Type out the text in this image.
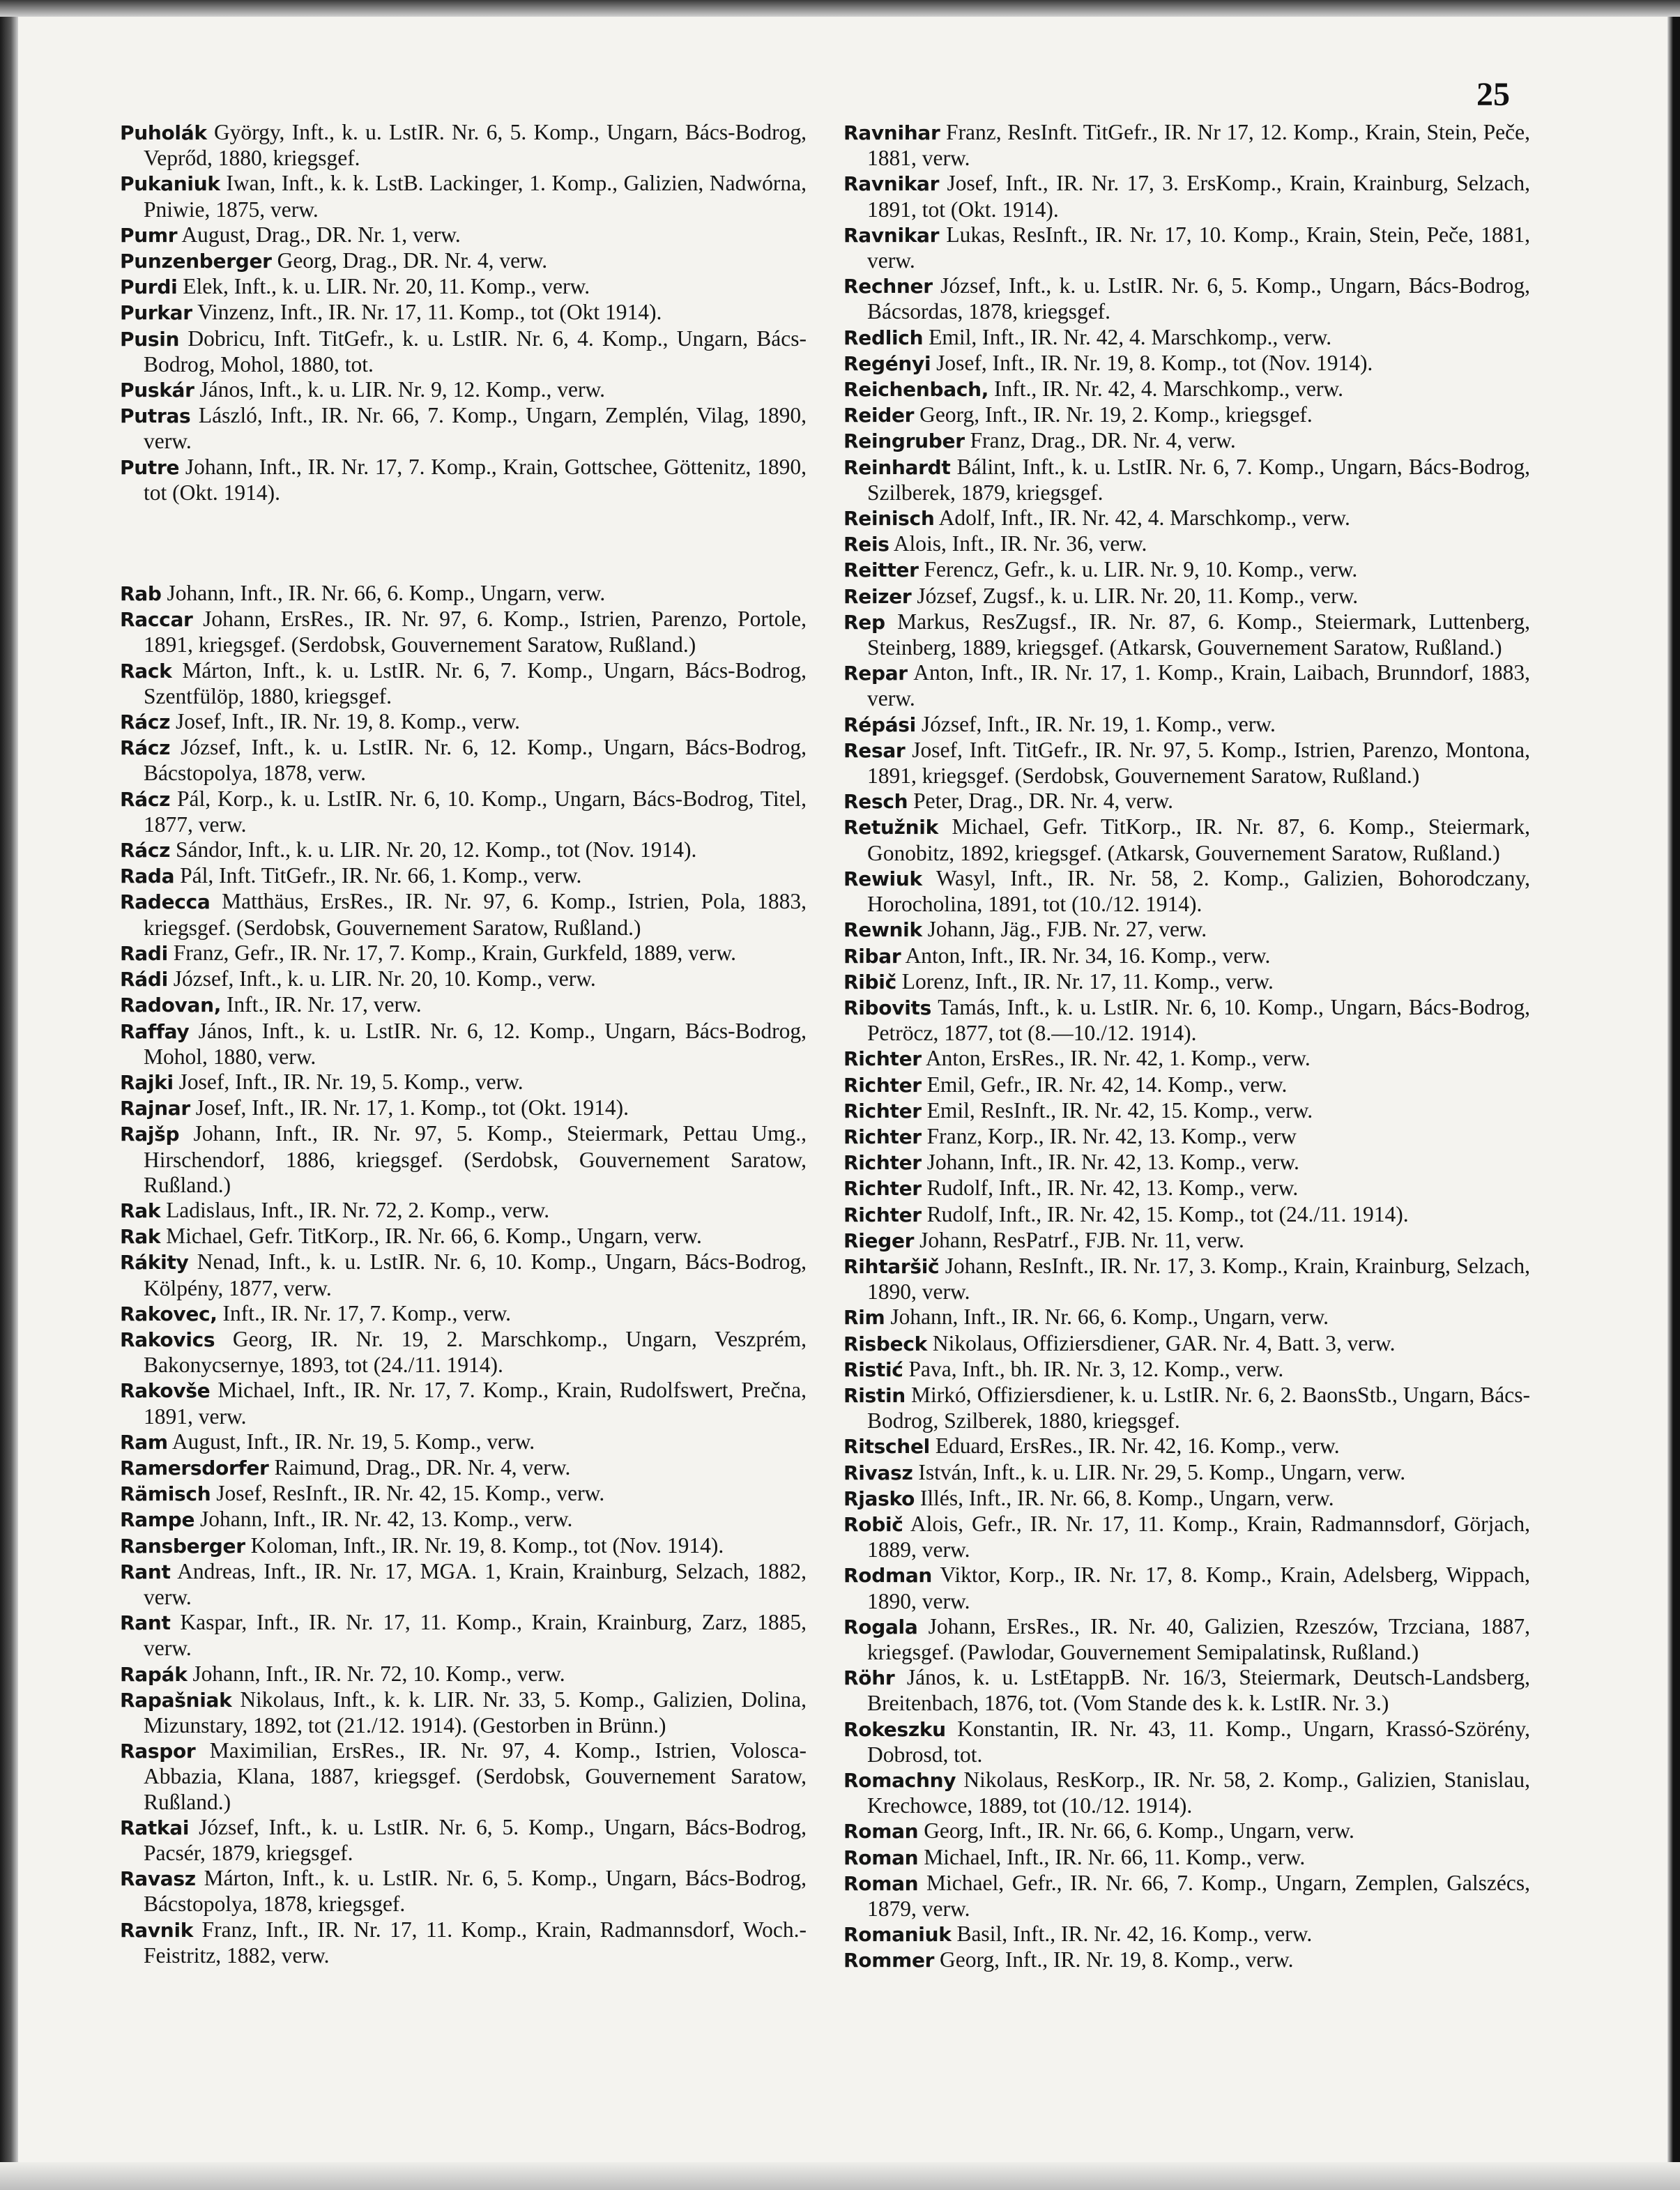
25

Puholák György, Inft., k. u. LstIR. Nr. 6, 5. Komp., Ungarn, Bács-Bodrog, Veprőd, 1880, kriegsgef.

Pukaniuk Iwan, Inft., k. k. LstB. Lackinger, 1. Komp., Galizien, Nadwórna, Pniwie, 1875, verw.

Pumr August, Drag., DR. Nr. 1, verw.

Punzenberger Georg, Drag., DR. Nr. 4, verw.

Purdi Elek, Inft., k. u. LIR. Nr. 20, 11. Komp., verw.

Purkar Vinzenz, Inft., IR. Nr. 17, 11. Komp., tot (Okt 1914).

Pusin Dobricu, Inft. TitGefr., k. u. LstIR. Nr. 6, 4. Komp., Ungarn, Bács-Bodrog, Mohol, 1880, tot.

Puskár János, Inft., k. u. LIR. Nr. 9, 12. Komp., verw.

Putras László, Inft., IR. Nr. 66, 7. Komp., Ungarn, Zemplén, Vilag, 1890, verw.

Putre Johann, Inft., IR. Nr. 17, 7. Komp., Krain, Gottschee, Göttenitz, 1890, tot (Okt. 1914).

Rab Johann, Inft., IR. Nr. 66, 6. Komp., Ungarn, verw.

Raccar Johann, ErsRes., IR. Nr. 97, 6. Komp., Istrien, Parenzo, Portole, 1891, kriegsgef. (Serdobsk, Gouvernement Saratow, Rußland.)

Rack Márton, Inft., k. u. LstIR. Nr. 6, 7. Komp., Ungarn, Bács-Bodrog, Szentfülöp, 1880, kriegsgef.

Rácz Josef, Inft., IR. Nr. 19, 8. Komp., verw.

Rácz József, Inft., k. u. LstIR. Nr. 6, 12. Komp., Ungarn, Bács-Bodrog, Bácstopolya, 1878, verw.

Rácz Pál, Korp., k. u. LstIR. Nr. 6, 10. Komp., Ungarn, Bács-Bodrog, Titel, 1877, verw.

Rácz Sándor, Inft., k. u. LIR. Nr. 20, 12. Komp., tot (Nov. 1914).

Rada Pál, Inft. TitGefr., IR. Nr. 66, 1. Komp., verw.

Radecca Matthäus, ErsRes., IR. Nr. 97, 6. Komp., Istrien, Pola, 1883, kriegsgef. (Serdobsk, Gouvernement Saratow, Rußland.)

Radi Franz, Gefr., IR. Nr. 17, 7. Komp., Krain, Gurkfeld, 1889, verw.

Rádi József, Inft., k. u. LIR. Nr. 20, 10. Komp., verw.

Radovan, Inft., IR. Nr. 17, verw.

Raffay János, Inft., k. u. LstIR. Nr. 6, 12. Komp., Ungarn, Bács-Bodrog, Mohol, 1880, verw.

Rajki Josef, Inft., IR. Nr. 19, 5. Komp., verw.

Rajnar Josef, Inft., IR. Nr. 17, 1. Komp., tot (Okt. 1914).

Rajšp Johann, Inft., IR. Nr. 97, 5. Komp., Steiermark, Pettau Umg., Hirschendorf, 1886, kriegsgef. (Serdobsk, Gouvernement Saratow, Rußland.)

Rak Ladislaus, Inft., IR. Nr. 72, 2. Komp., verw.

Rak Michael, Gefr. TitKorp., IR. Nr. 66, 6. Komp., Ungarn, verw.

Rákity Nenad, Inft., k. u. LstIR. Nr. 6, 10. Komp., Ungarn, Bács-Bodrog, Kölpény, 1877, verw.

Rakovec, Inft., IR. Nr. 17, 7. Komp., verw.

Rakovics Georg, IR. Nr. 19, 2. Marschkomp., Ungarn, Veszprém, Bakonycsernye, 1893, tot (24./11. 1914).

Rakovše Michael, Inft., IR. Nr. 17, 7. Komp., Krain, Rudolfswert, Prečna, 1891, verw.

Ram August, Inft., IR. Nr. 19, 5. Komp., verw.

Ramersdorfer Raimund, Drag., DR. Nr. 4, verw.

Rämisch Josef, ResInft., IR. Nr. 42, 15. Komp., verw.

Rampe Johann, Inft., IR. Nr. 42, 13. Komp., verw.

Ransberger Koloman, Inft., IR. Nr. 19, 8. Komp., tot (Nov. 1914).

Rant Andreas, Inft., IR. Nr. 17, MGA. 1, Krain, Krainburg, Selzach, 1882, verw.

Rant Kaspar, Inft., IR. Nr. 17, 11. Komp., Krain, Krainburg, Zarz, 1885, verw.

Rapák Johann, Inft., IR. Nr. 72, 10. Komp., verw.

Rapašniak Nikolaus, Inft., k. k. LIR. Nr. 33, 5. Komp., Galizien, Dolina, Mizunstary, 1892, tot (21./12. 1914). (Gestorben in Brünn.)

Raspor Maximilian, ErsRes., IR. Nr. 97, 4. Komp., Istrien, Volosca-Abbazia, Klana, 1887, kriegsgef. (Serdobsk, Gouvernement Saratow, Rußland.)

Ratkai József, Inft., k. u. LstIR. Nr. 6, 5. Komp., Ungarn, Bács-Bodrog, Pacsér, 1879, kriegsgef.

Ravasz Márton, Inft., k. u. LstIR. Nr. 6, 5. Komp., Ungarn, Bács-Bodrog, Bácstopolya, 1878, kriegsgef.

Ravnik Franz, Inft., IR. Nr. 17, 11. Komp., Krain, Radmannsdorf, Woch.-Feistritz, 1882, verw.

Ravnihar Franz, ResInft. TitGefr., IR. Nr 17, 12. Komp., Krain, Stein, Peče, 1881, verw.

Ravnikar Josef, Inft., IR. Nr. 17, 3. ErsKomp., Krain, Krainburg, Selzach, 1891, tot (Okt. 1914).

Ravnikar Lukas, ResInft., IR. Nr. 17, 10. Komp., Krain, Stein, Peče, 1881, verw.

Rechner József, Inft., k. u. LstIR. Nr. 6, 5. Komp., Ungarn, Bács-Bodrog, Bácsordas, 1878, kriegsgef.

Redlich Emil, Inft., IR. Nr. 42, 4. Marschkomp., verw.

Regényi Josef, Inft., IR. Nr. 19, 8. Komp., tot (Nov. 1914).

Reichenbach, Inft., IR. Nr. 42, 4. Marschkomp., verw.

Reider Georg, Inft., IR. Nr. 19, 2. Komp., kriegsgef.

Reingruber Franz, Drag., DR. Nr. 4, verw.

Reinhardt Bálint, Inft., k. u. LstIR. Nr. 6, 7. Komp., Ungarn, Bács-Bodrog, Szilberek, 1879, kriegsgef.

Reinisch Adolf, Inft., IR. Nr. 42, 4. Marschkomp., verw.

Reis Alois, Inft., IR. Nr. 36, verw.

Reitter Ferencz, Gefr., k. u. LIR. Nr. 9, 10. Komp., verw.

Reizer József, Zugsf., k. u. LIR. Nr. 20, 11. Komp., verw.

Rep Markus, ResZugsf., IR. Nr. 87, 6. Komp., Steiermark, Luttenberg, Steinberg, 1889, kriegsgef. (Atkarsk, Gouvernement Saratow, Rußland.)

Repar Anton, Inft., IR. Nr. 17, 1. Komp., Krain, Laibach, Brunndorf, 1883, verw.

Répási József, Inft., IR. Nr. 19, 1. Komp., verw.

Resar Josef, Inft. TitGefr., IR. Nr. 97, 5. Komp., Istrien, Parenzo, Montona, 1891, kriegsgef. (Serdobsk, Gouvernement Saratow, Rußland.)

Resch Peter, Drag., DR. Nr. 4, verw.

Retužnik Michael, Gefr. TitKorp., IR. Nr. 87, 6. Komp., Steiermark, Gonobitz, 1892, kriegsgef. (Atkarsk, Gouvernement Saratow, Rußland.)

Rewiuk Wasyl, Inft., IR. Nr. 58, 2. Komp., Galizien, Bohorodczany, Horocholina, 1891, tot (10./12. 1914).

Rewnik Johann, Jäg., FJB. Nr. 27, verw.

Ribar Anton, Inft., IR. Nr. 34, 16. Komp., verw.

Ribič Lorenz, Inft., IR. Nr. 17, 11. Komp., verw.

Ribovits Tamás, Inft., k. u. LstIR. Nr. 6, 10. Komp., Ungarn, Bács-Bodrog, Petröcz, 1877, tot (8.—10./12. 1914).

Richter Anton, ErsRes., IR. Nr. 42, 1. Komp., verw.

Richter Emil, Gefr., IR. Nr. 42, 14. Komp., verw.

Richter Emil, ResInft., IR. Nr. 42, 15. Komp., verw.

Richter Franz, Korp., IR. Nr. 42, 13. Komp., verw

Richter Johann, Inft., IR. Nr. 42, 13. Komp., verw.

Richter Rudolf, Inft., IR. Nr. 42, 13. Komp., verw.

Richter Rudolf, Inft., IR. Nr. 42, 15. Komp., tot (24./11. 1914).

Rieger Johann, ResPatrf., FJB. Nr. 11, verw.

Rihtaršič Johann, ResInft., IR. Nr. 17, 3. Komp., Krain, Krainburg, Selzach, 1890, verw.

Rim Johann, Inft., IR. Nr. 66, 6. Komp., Ungarn, verw.

Risbeck Nikolaus, Offiziersdiener, GAR. Nr. 4, Batt. 3, verw.

Ristić Pava, Inft., bh. IR. Nr. 3, 12. Komp., verw.

Ristin Mirkó, Offiziersdiener, k. u. LstIR. Nr. 6, 2. BaonsStb., Ungarn, Bács-Bodrog, Szilberek, 1880, kriegsgef.

Ritschel Eduard, ErsRes., IR. Nr. 42, 16. Komp., verw.

Rivasz István, Inft., k. u. LIR. Nr. 29, 5. Komp., Ungarn, verw.

Rjasko Illés, Inft., IR. Nr. 66, 8. Komp., Ungarn, verw.

Robič Alois, Gefr., IR. Nr. 17, 11. Komp., Krain, Radmannsdorf, Görjach, 1889, verw.

Rodman Viktor, Korp., IR. Nr. 17, 8. Komp., Krain, Adelsberg, Wippach, 1890, verw.

Rogala Johann, ErsRes., IR. Nr. 40, Galizien, Rzeszów, Trzciana, 1887, kriegsgef. (Pawlodar, Gouvernement Semipalatinsk, Rußland.)

Röhr János, k. u. LstEtappB. Nr. 16/3, Steiermark, Deutsch-Landsberg, Breitenbach, 1876, tot. (Vom Stande des k. k. LstIR. Nr. 3.)

Rokeszku Konstantin, IR. Nr. 43, 11. Komp., Ungarn, Krassó-Szörény, Dobrosd, tot.

Romachny Nikolaus, ResKorp., IR. Nr. 58, 2. Komp., Galizien, Stanislau, Krechowce, 1889, tot (10./12. 1914).

Roman Georg, Inft., IR. Nr. 66, 6. Komp., Ungarn, verw.

Roman Michael, Inft., IR. Nr. 66, 11. Komp., verw.

Roman Michael, Gefr., IR. Nr. 66, 7. Komp., Ungarn, Zemplen, Galszécs, 1879, verw.

Romaniuk Basil, Inft., IR. Nr. 42, 16. Komp., verw.

Rommer Georg, Inft., IR. Nr. 19, 8. Komp., verw.
